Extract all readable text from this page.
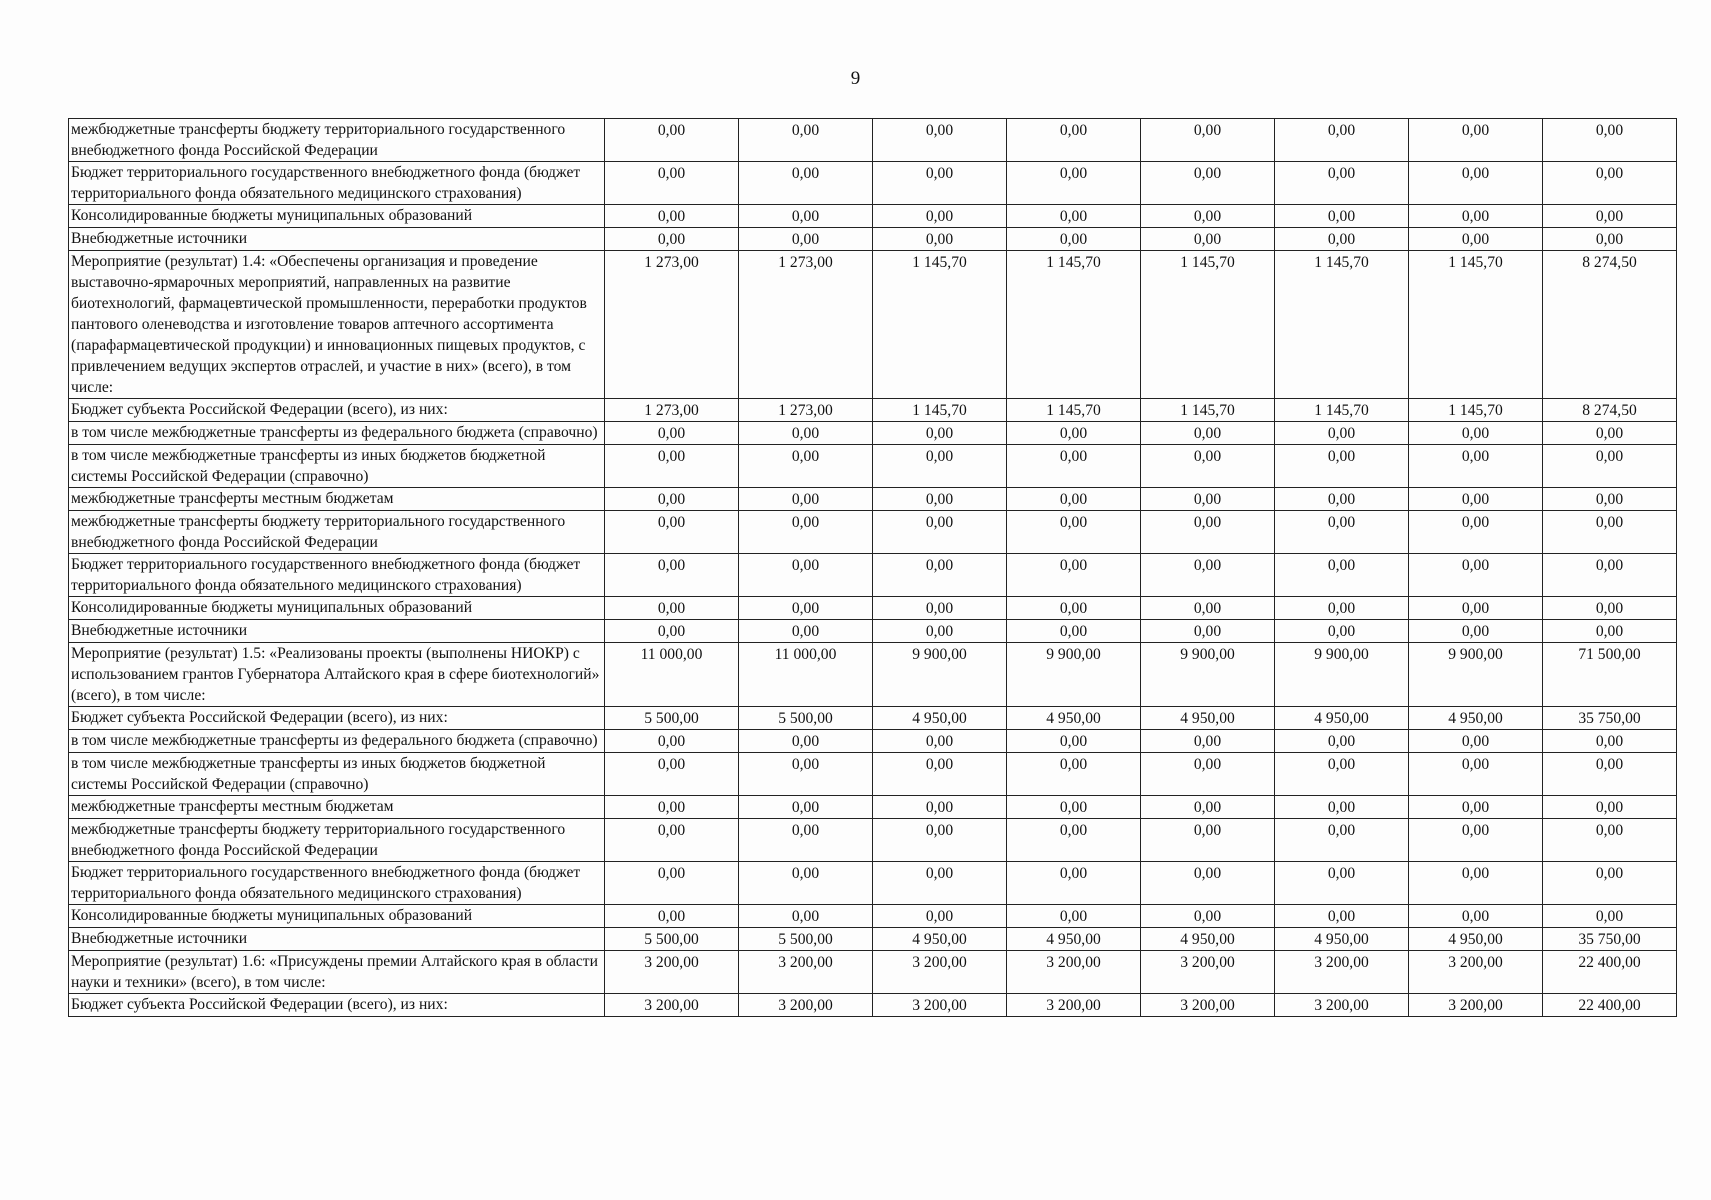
9
межбюджетные трансферты бюджету территориального государственного внебюджетного фонда Российской Федерации	0,00	0,00	0,00	0,00	0,00	0,00	0,00	0,00
Бюджет территориального государственного внебюджетного фонда (бюджет территориального фонда обязательного медицинского страхования)	0,00	0,00	0,00	0,00	0,00	0,00	0,00	0,00
Консолидированные бюджеты муниципальных образований	0,00	0,00	0,00	0,00	0,00	0,00	0,00	0,00
Внебюджетные источники	0,00	0,00	0,00	0,00	0,00	0,00	0,00	0,00
Мероприятие (результат) 1.4: «Обеспечены организация и проведение выставочно-ярмарочных мероприятий, направленных на развитие биотехнологий, фармацевтической промышленности, переработки продуктов пантового оленеводства и изготовление товаров аптечного ассортимента (парафармацевтической продукции) и инновационных пищевых продуктов, с привлечением ведущих экспертов отраслей, и участие в них» (всего), в том числе:	1 273,00	1 273,00	1 145,70	1 145,70	1 145,70	1 145,70	1 145,70	8 274,50
Бюджет субъекта Российской Федерации (всего), из них:	1 273,00	1 273,00	1 145,70	1 145,70	1 145,70	1 145,70	1 145,70	8 274,50
в том числе межбюджетные трансферты из федерального бюджета (справочно)	0,00	0,00	0,00	0,00	0,00	0,00	0,00	0,00
в том числе межбюджетные трансферты из иных бюджетов бюджетной системы Российской Федерации (справочно)	0,00	0,00	0,00	0,00	0,00	0,00	0,00	0,00
межбюджетные трансферты местным бюджетам	0,00	0,00	0,00	0,00	0,00	0,00	0,00	0,00
межбюджетные трансферты бюджету территориального государственного внебюджетного фонда Российской Федерации	0,00	0,00	0,00	0,00	0,00	0,00	0,00	0,00
Бюджет территориального государственного внебюджетного фонда (бюджет территориального фонда обязательного медицинского страхования)	0,00	0,00	0,00	0,00	0,00	0,00	0,00	0,00
Консолидированные бюджеты муниципальных образований	0,00	0,00	0,00	0,00	0,00	0,00	0,00	0,00
Внебюджетные источники	0,00	0,00	0,00	0,00	0,00	0,00	0,00	0,00
Мероприятие (результат) 1.5: «Реализованы проекты (выполнены НИОКР) с использованием грантов Губернатора Алтайского края в сфере биотехнологий» (всего), в том числе:	11 000,00	11 000,00	9 900,00	9 900,00	9 900,00	9 900,00	9 900,00	71 500,00
Бюджет субъекта Российской Федерации (всего), из них:	5 500,00	5 500,00	4 950,00	4 950,00	4 950,00	4 950,00	4 950,00	35 750,00
в том числе межбюджетные трансферты из федерального бюджета (справочно)	0,00	0,00	0,00	0,00	0,00	0,00	0,00	0,00
в том числе межбюджетные трансферты из иных бюджетов бюджетной системы Российской Федерации (справочно)	0,00	0,00	0,00	0,00	0,00	0,00	0,00	0,00
межбюджетные трансферты местным бюджетам	0,00	0,00	0,00	0,00	0,00	0,00	0,00	0,00
межбюджетные трансферты бюджету территориального государственного внебюджетного фонда Российской Федерации	0,00	0,00	0,00	0,00	0,00	0,00	0,00	0,00
Бюджет территориального государственного внебюджетного фонда (бюджет территориального фонда обязательного медицинского страхования)	0,00	0,00	0,00	0,00	0,00	0,00	0,00	0,00
Консолидированные бюджеты муниципальных образований	0,00	0,00	0,00	0,00	0,00	0,00	0,00	0,00
Внебюджетные источники	5 500,00	5 500,00	4 950,00	4 950,00	4 950,00	4 950,00	4 950,00	35 750,00
Мероприятие (результат) 1.6: «Присуждены премии Алтайского края в области науки и техники» (всего), в том числе:	3 200,00	3 200,00	3 200,00	3 200,00	3 200,00	3 200,00	3 200,00	22 400,00
Бюджет субъекта Российской Федерации (всего), из них:	3 200,00	3 200,00	3 200,00	3 200,00	3 200,00	3 200,00	3 200,00	22 400,00
